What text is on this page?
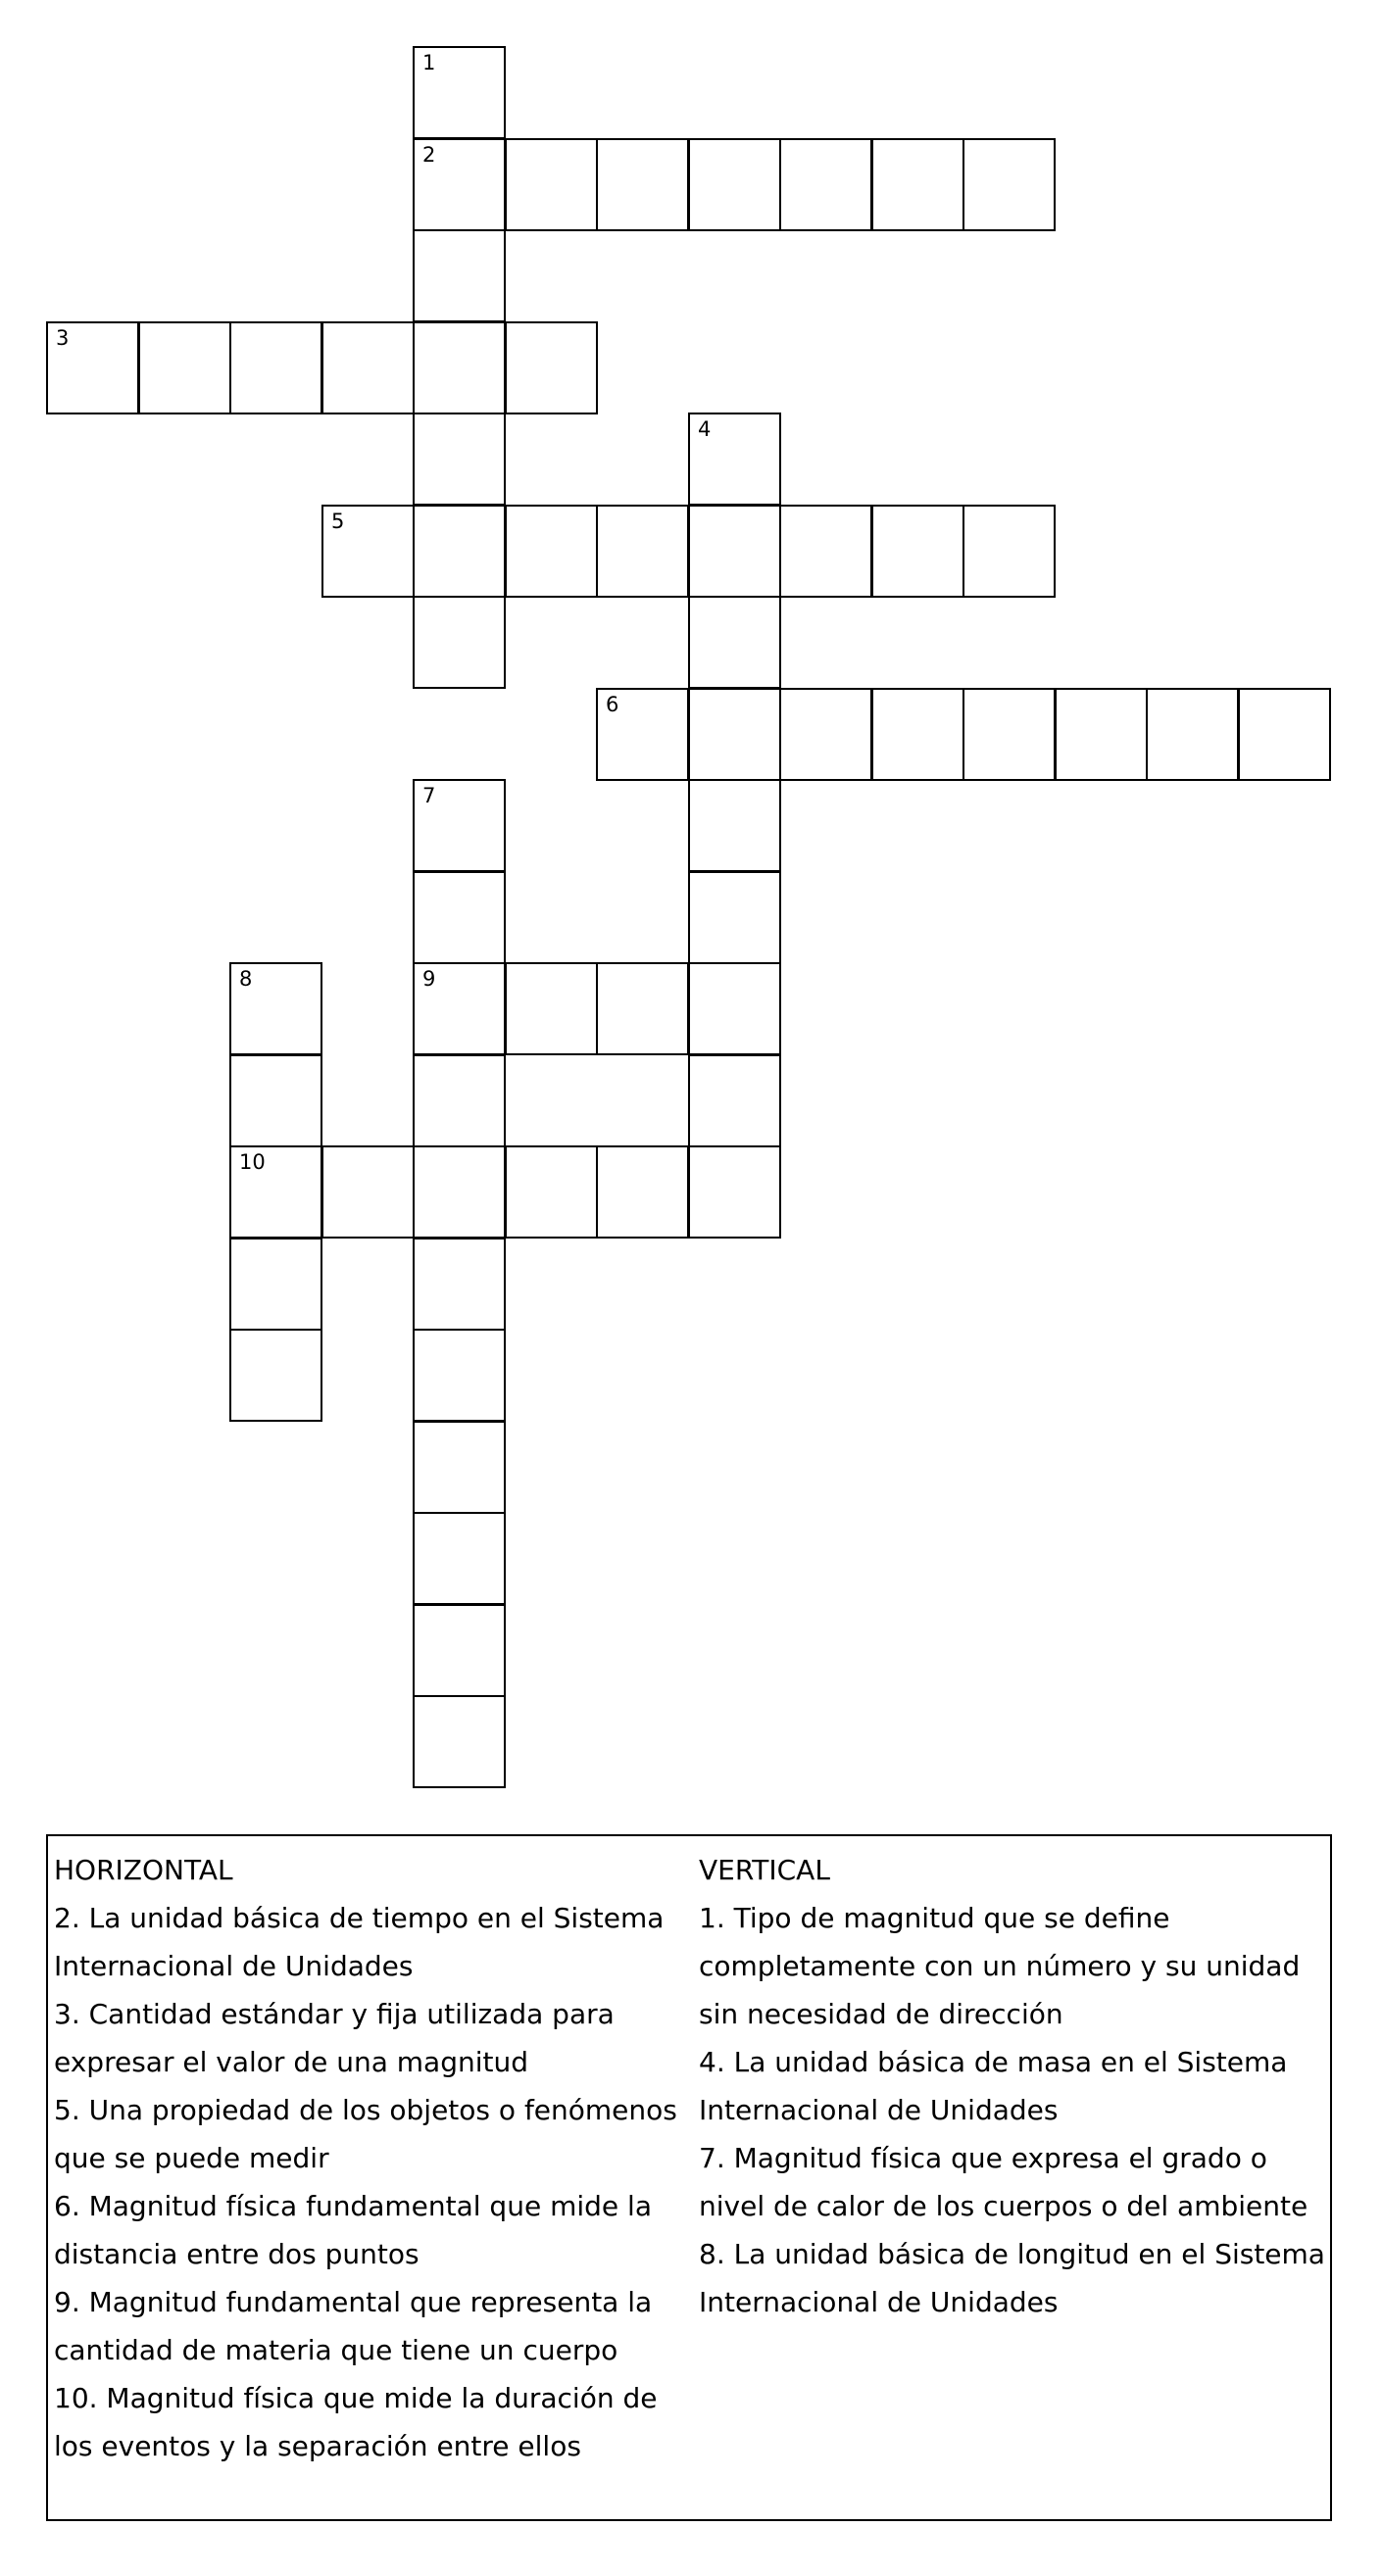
1
2
3
4
5
6
7
8	9
10
HORIZONTAL
2. La unidad básica de tiempo en el Sistema Internacional de Unidades
3. Cantidad estándar y fija utilizada para expresar el valor de una magnitud
5. Una propiedad de los objetos o fenómenos que se puede medir
6. Magnitud física fundamental que mide la distancia entre dos puntos
9. Magnitud fundamental que representa la cantidad de materia que tiene un cuerpo
10. Magnitud física que mide la duración de los eventos y la separación entre ellos
VERTICAL
1. Tipo de magnitud que se define completamente con un número y su unidad sin necesidad de dirección
4. La unidad básica de masa en el Sistema Internacional de Unidades
7. Magnitud física que expresa el grado o nivel de calor de los cuerpos o del ambiente
8. La unidad básica de longitud en el Sistema Internacional de Unidades
